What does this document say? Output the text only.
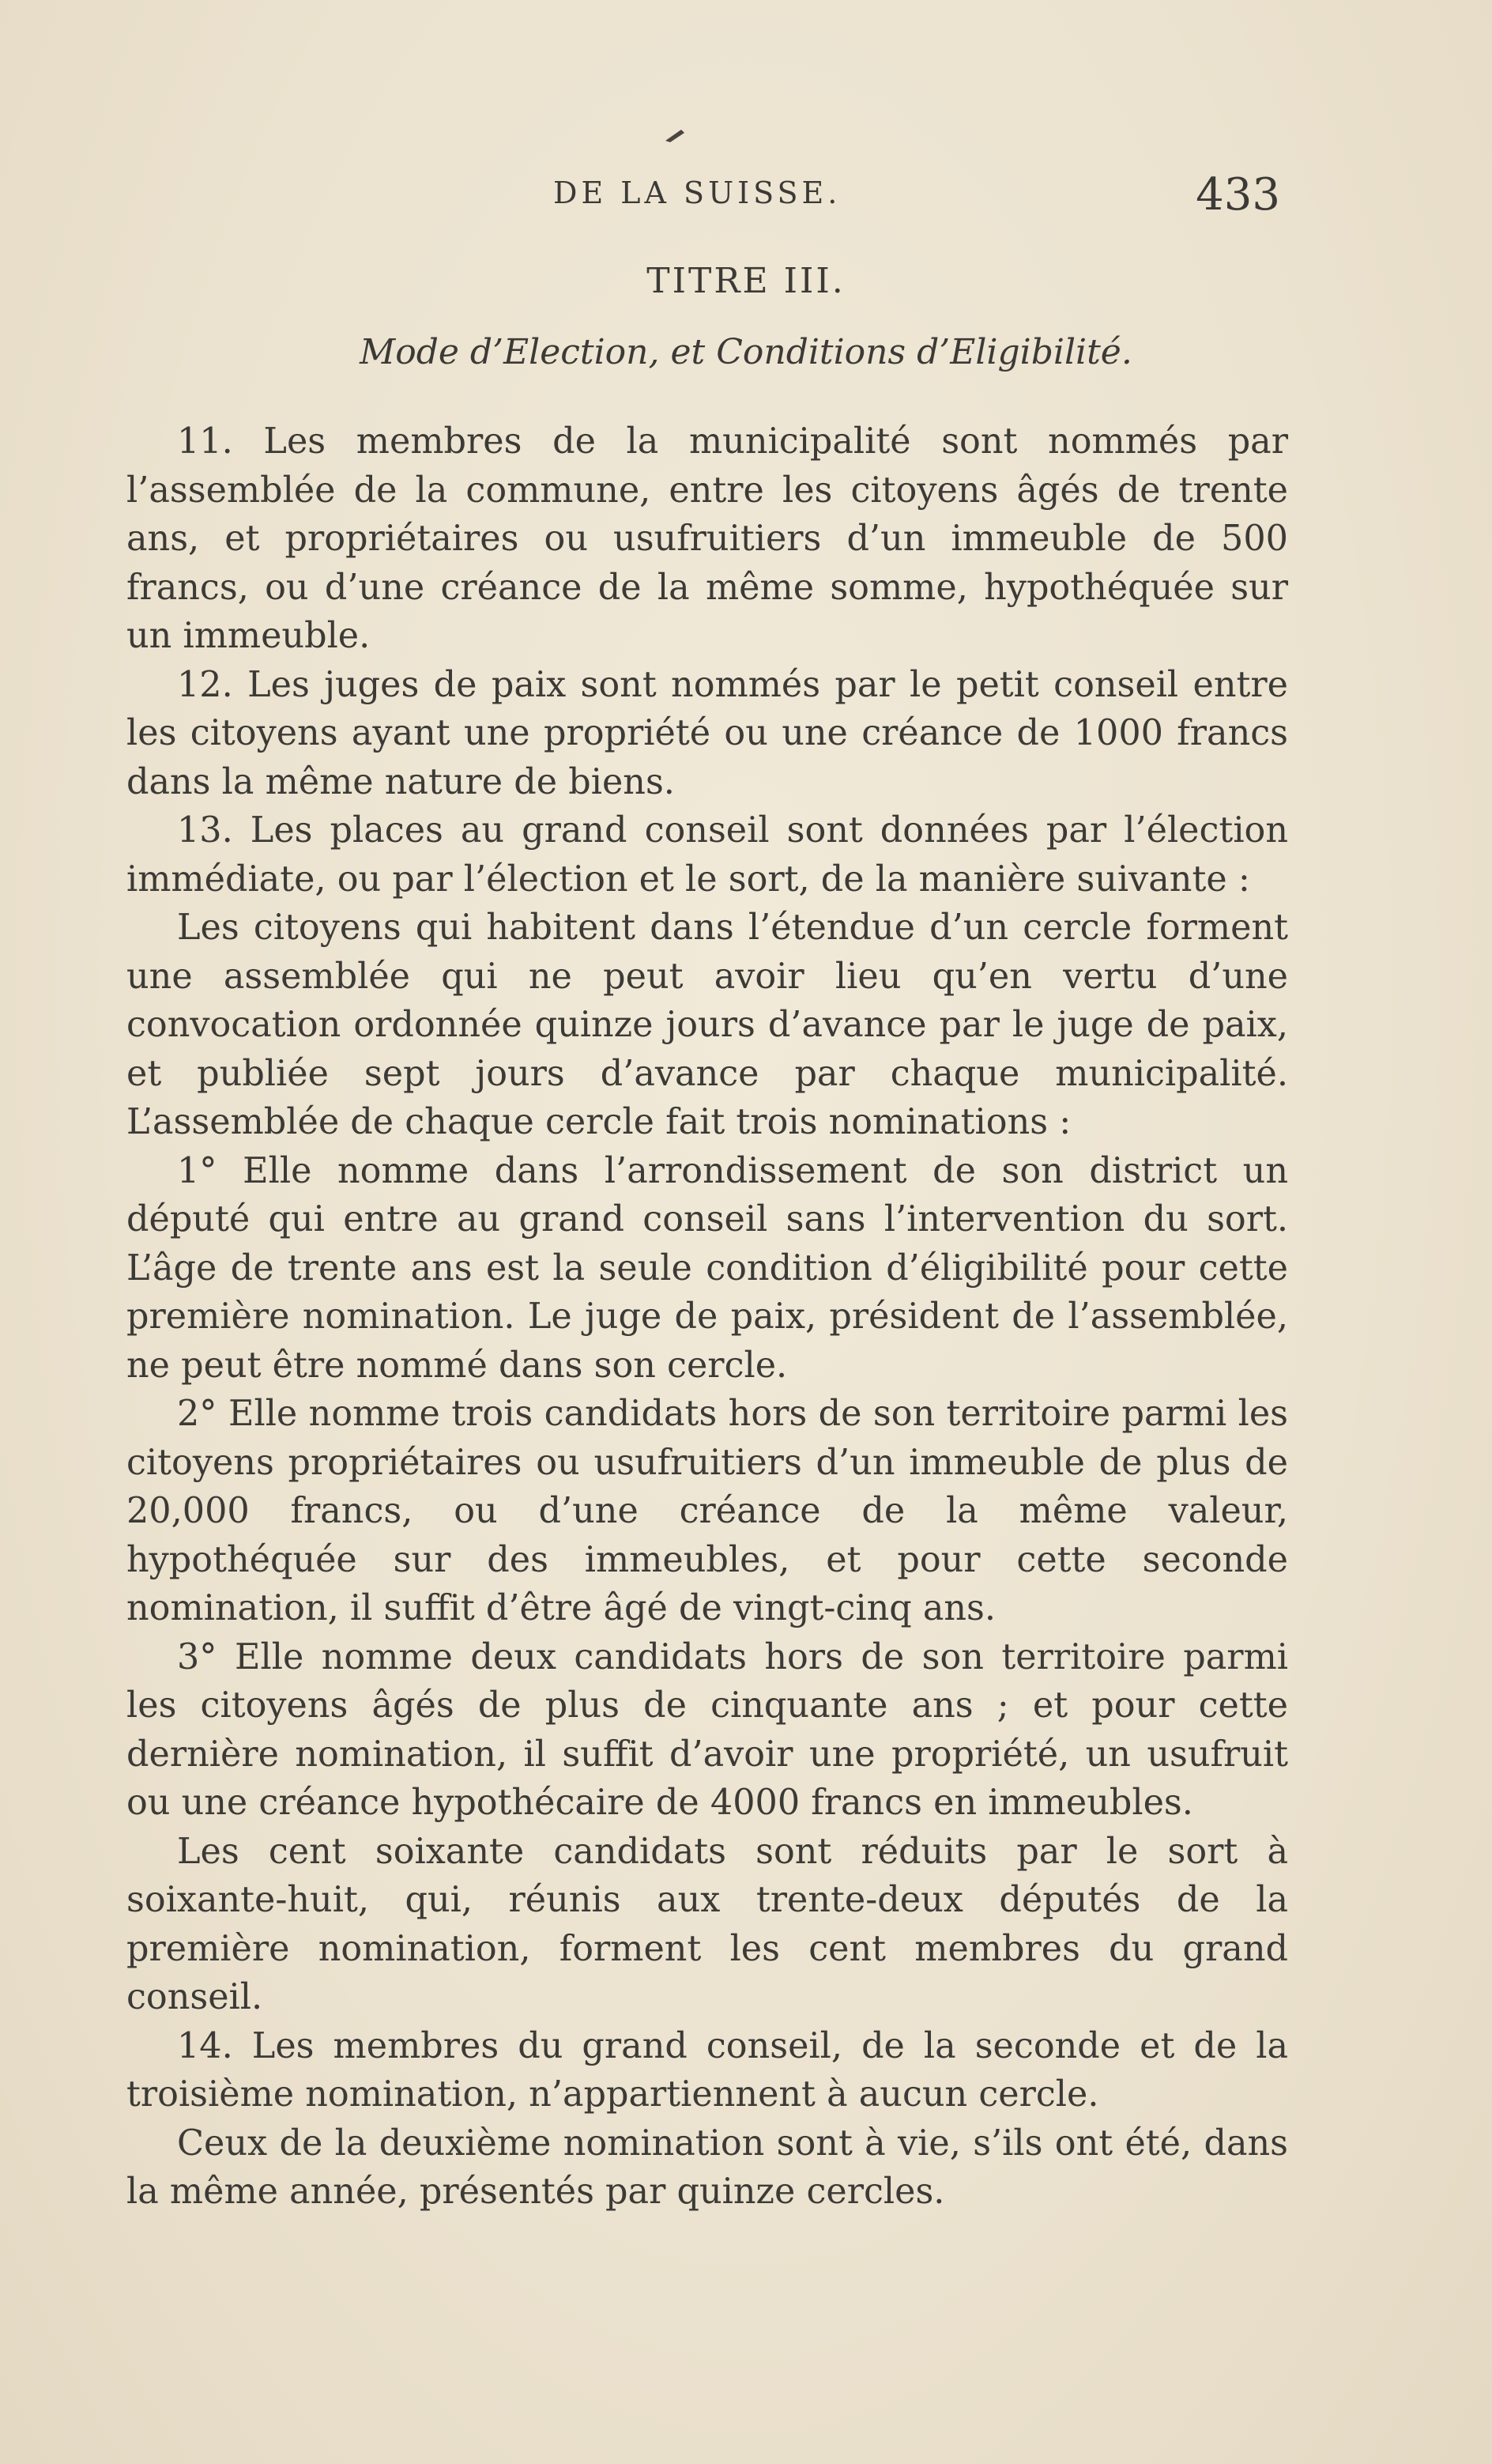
DE LA SUISSE.	433
TITRE III.
Mode d’Election, et Conditions d’Eligibilité.

11. Les membres de la municipalité sont nommés par l’assemblée de la commune, entre les citoyens âgés de trente ans, et propriétaires ou usufruitiers d’un immeuble de 500 francs, ou d’une créance de la même somme, hypothéquée sur un immeuble.

12. Les juges de paix sont nommés par le petit conseil entre les citoyens ayant une propriété ou une créance de 1000 francs dans la même nature de biens.

13. Les places au grand conseil sont données par l’élection immédiate, ou par l’élection et le sort, de la manière suivante :

Les citoyens qui habitent dans l’étendue d’un cercle forment une assemblée qui ne peut avoir lieu qu’en vertu d’une convocation ordonnée quinze jours d’avance par le juge de paix, et publiée sept jours d’avance par chaque municipalité. L’assemblée de chaque cercle fait trois nominations :

1° Elle nomme dans l’arrondissement de son district un député qui entre au grand conseil sans l’intervention du sort. L’âge de trente ans est la seule condition d’éligibilité pour cette première nomination. Le juge de paix, président de l’assemblée, ne peut être nommé dans son cercle.

2° Elle nomme trois candidats hors de son territoire parmi les citoyens propriétaires ou usufruitiers d’un immeuble de plus de 20,000 francs, ou d’une créance de la même valeur, hypothéquée sur des immeubles, et pour cette seconde nomination, il suffit d’être âgé de vingt-cinq ans.

3° Elle nomme deux candidats hors de son territoire parmi les citoyens âgés de plus de cinquante ans ; et pour cette dernière nomination, il suffit d’avoir une propriété, un usufruit ou une créance hypothécaire de 4000 francs en immeubles.

Les cent soixante candidats sont réduits par le sort à soixante-huit, qui, réunis aux trente-deux députés de la première nomination, forment les cent membres du grand conseil.

14. Les membres du grand conseil, de la seconde et de la troisième nomination, n’appartiennent à aucun cercle.

Ceux de la deuxième nomination sont à vie, s’ils ont été, dans la même année, présentés par quinze cercles.
